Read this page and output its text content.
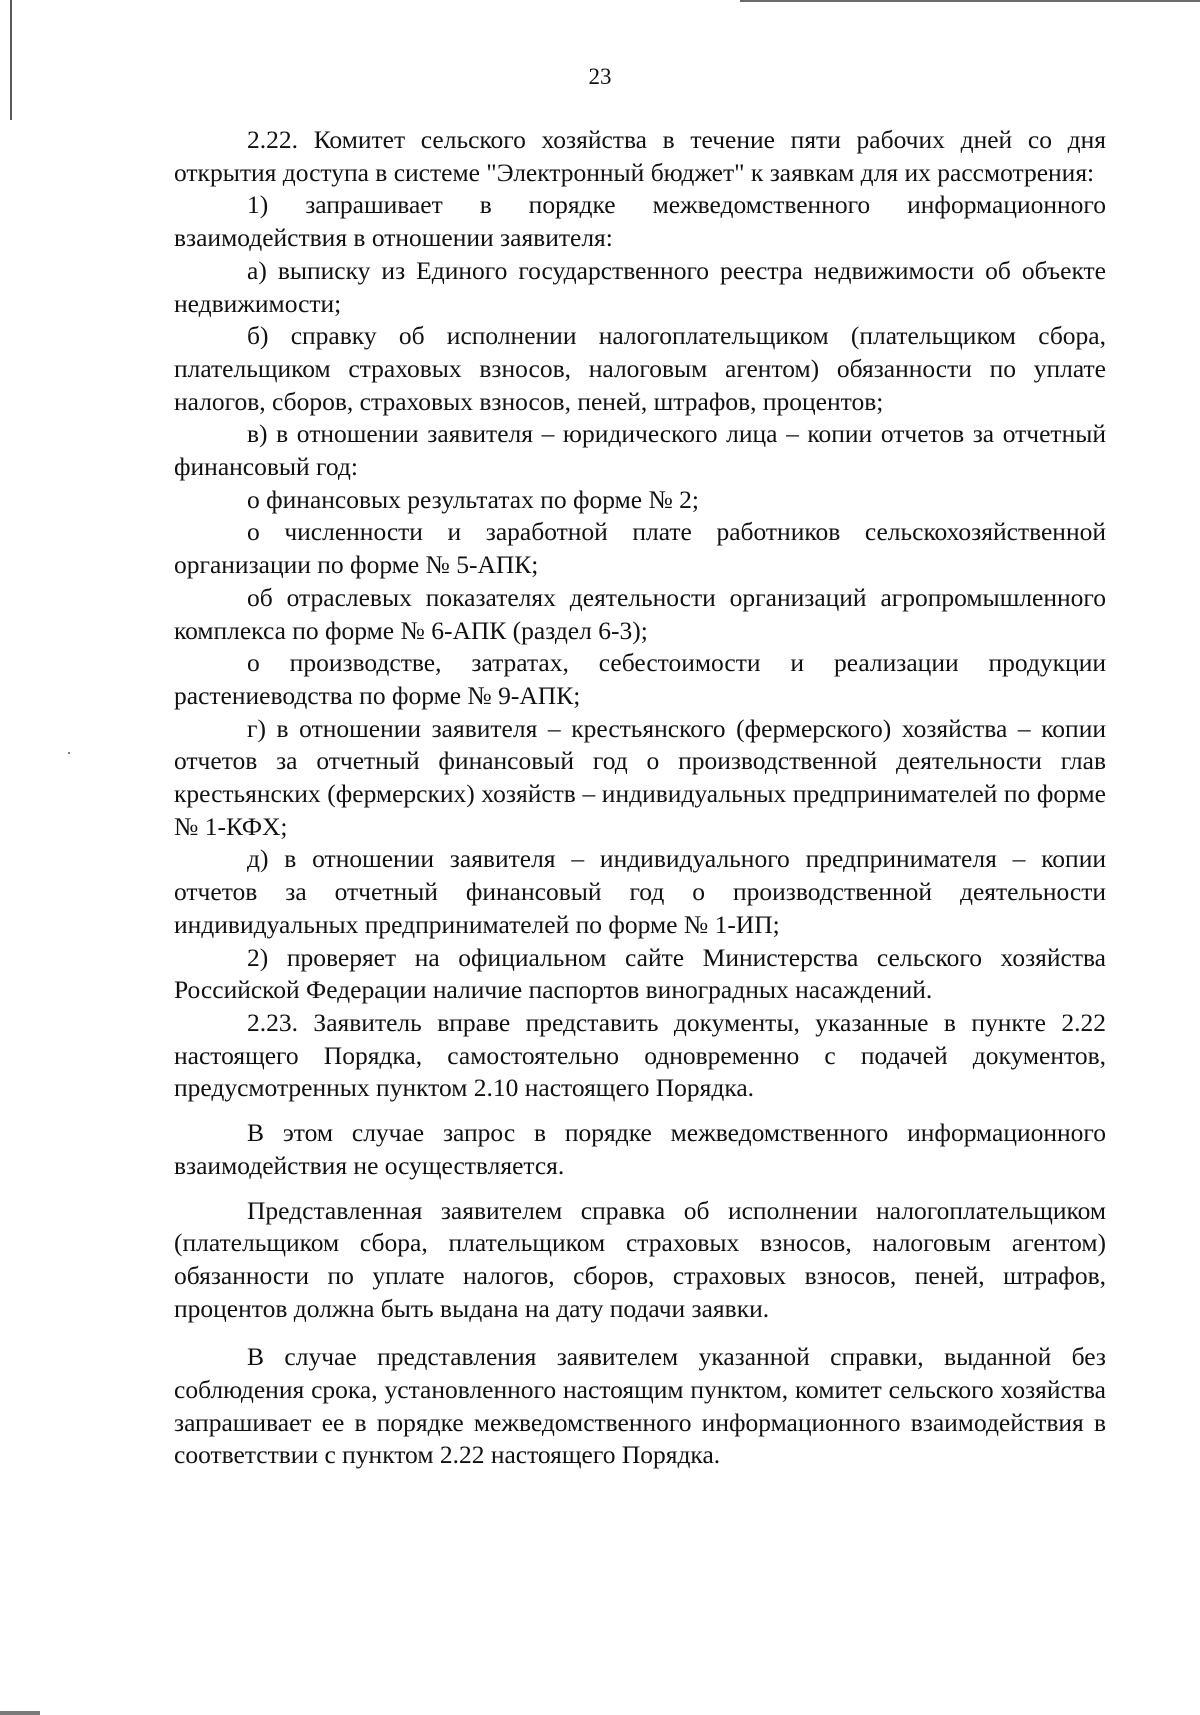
23

2.22. Комитет сельского хозяйства в течение пяти рабочих дней со дня открытия доступа в системе "Электронный бюджет" к заявкам для их рассмотрения:

1) запрашивает в порядке межведомственного информационного взаимодействия в отношении заявителя:

а) выписку из Единого государственного реестра недвижимости об объекте недвижимости;

б) справку об исполнении налогоплательщиком (плательщиком сбора, плательщиком страховых взносов, налоговым агентом) обязанности по уплате налогов, сборов, страховых взносов, пеней, штрафов, процентов;

в) в отношении заявителя – юридического лица – копии отчетов за отчетный финансовый год:

о финансовых результатах по форме № 2;

о численности и заработной плате работников сельскохозяйственной организации по форме № 5-АПК;

об отраслевых показателях деятельности организаций агропромышленного комплекса по форме № 6-АПК (раздел 6-3);

о производстве, затратах, себестоимости и реализации продукции растениеводства по форме № 9-АПК;

г) в отношении заявителя – крестьянского (фермерского) хозяйства – копии отчетов за отчетный финансовый год о производственной деятельности глав крестьянских (фермерских) хозяйств – индивидуальных предпринимателей по форме № 1-КФХ;

д) в отношении заявителя – индивидуального предпринимателя – копии отчетов за отчетный финансовый год о производственной деятельности индивидуальных предпринимателей по форме № 1-ИП;

2) проверяет на официальном сайте Министерства сельского хозяйства Российской Федерации наличие паспортов виноградных насаждений.

2.23. Заявитель вправе представить документы, указанные в пункте 2.22 настоящего Порядка, самостоятельно одновременно с подачей документов, предусмотренных пунктом 2.10 настоящего Порядка.

В этом случае запрос в порядке межведомственного информационного взаимодействия не осуществляется.

Представленная заявителем справка об исполнении налогоплательщиком (плательщиком сбора, плательщиком страховых взносов, налоговым агентом) обязанности по уплате налогов, сборов, страховых взносов, пеней, штрафов, процентов должна быть выдана на дату подачи заявки.

В случае представления заявителем указанной справки, выданной без соблюдения срока, установленного настоящим пунктом, комитет сельского хозяйства запрашивает ее в порядке межведомственного информационного взаимодействия в соответствии с пунктом 2.22 настоящего Порядка.
